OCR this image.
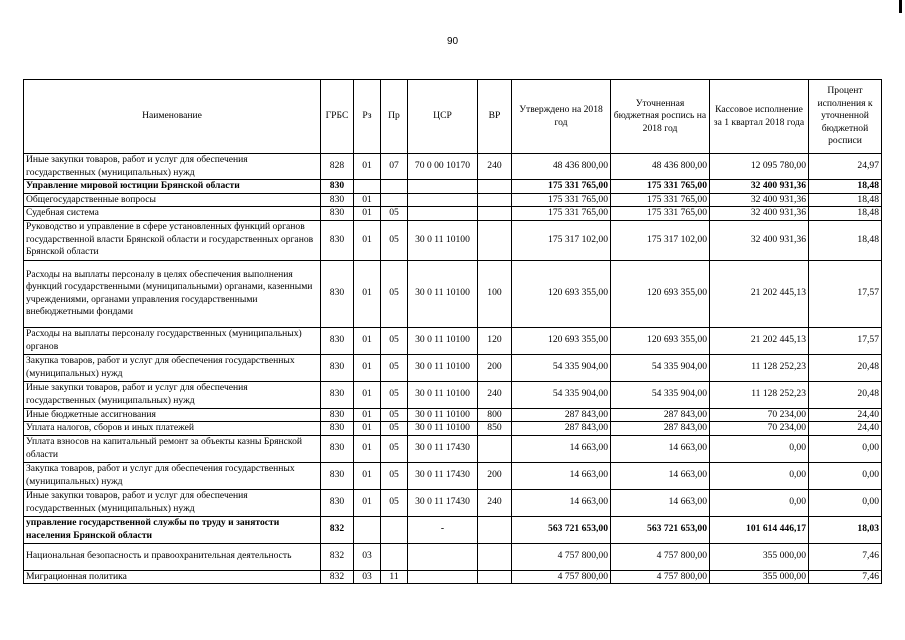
90
Наименование	ГРБС	Рз	Пр	ЦСР	ВР	Утверждено на 2018 год	Уточненная бюджетная роспись на 2018 год	Кассовое исполнение за 1 квартал 2018 года	Процент исполнения к уточненной бюджетной росписи
Иные закупки товаров, работ и услуг для обеспечения государственных (муниципальных) нужд	828	01	07	70 0 00 10170	240	48 436 800,00	48 436 800,00	12 095 780,00	24,97
Управление мировой юстиции Брянской области	830					175 331 765,00	175 331 765,00	32 400 931,36	18,48
Общегосударственные вопросы	830	01				175 331 765,00	175 331 765,00	32 400 931,36	18,48
Судебная система	830	01	05			175 331 765,00	175 331 765,00	32 400 931,36	18,48
Руководство и управление в сфере установленных функций органов государственной власти Брянской области и государственных органов Брянской области	830	01	05	30 0 11 10100		175 317 102,00	175 317 102,00	32 400 931,36	18,48
Расходы на выплаты персоналу в целях обеспечения выполнения функций государственными (муниципальными) органами, казенными учреждениями, органами управления государственными внебюджетными фондами	830	01	05	30 0 11 10100	100	120 693 355,00	120 693 355,00	21 202 445,13	17,57
Расходы на выплаты персоналу государственных (муниципальных) органов	830	01	05	30 0 11 10100	120	120 693 355,00	120 693 355,00	21 202 445,13	17,57
Закупка товаров, работ и услуг для обеспечения государственных (муниципальных) нужд	830	01	05	30 0 11 10100	200	54 335 904,00	54 335 904,00	11 128 252,23	20,48
Иные закупки товаров, работ и услуг для обеспечения государственных (муниципальных) нужд	830	01	05	30 0 11 10100	240	54 335 904,00	54 335 904,00	11 128 252,23	20,48
Иные бюджетные ассигнования	830	01	05	30 0 11 10100	800	287 843,00	287 843,00	70 234,00	24,40
Уплата налогов, сборов и иных платежей	830	01	05	30 0 11 10100	850	287 843,00	287 843,00	70 234,00	24,40
Уплата взносов на капитальный ремонт за объекты казны Брянской области	830	01	05	30 0 11 17430		14 663,00	14 663,00	0,00	0,00
Закупка товаров, работ и услуг для обеспечения государственных (муниципальных) нужд	830	01	05	30 0 11 17430	200	14 663,00	14 663,00	0,00	0,00
Иные закупки товаров, работ и услуг для обеспечения государственных (муниципальных) нужд	830	01	05	30 0 11 17430	240	14 663,00	14 663,00	0,00	0,00
управление государственной службы по труду и занятости населения Брянской области	832			-		563 721 653,00	563 721 653,00	101 614 446,17	18,03
Национальная безопасность и правоохранительная деятельность	832	03				4 757 800,00	4 757 800,00	355 000,00	7,46
Миграционная политика	832	03	11			4 757 800,00	4 757 800,00	355 000,00	7,46
